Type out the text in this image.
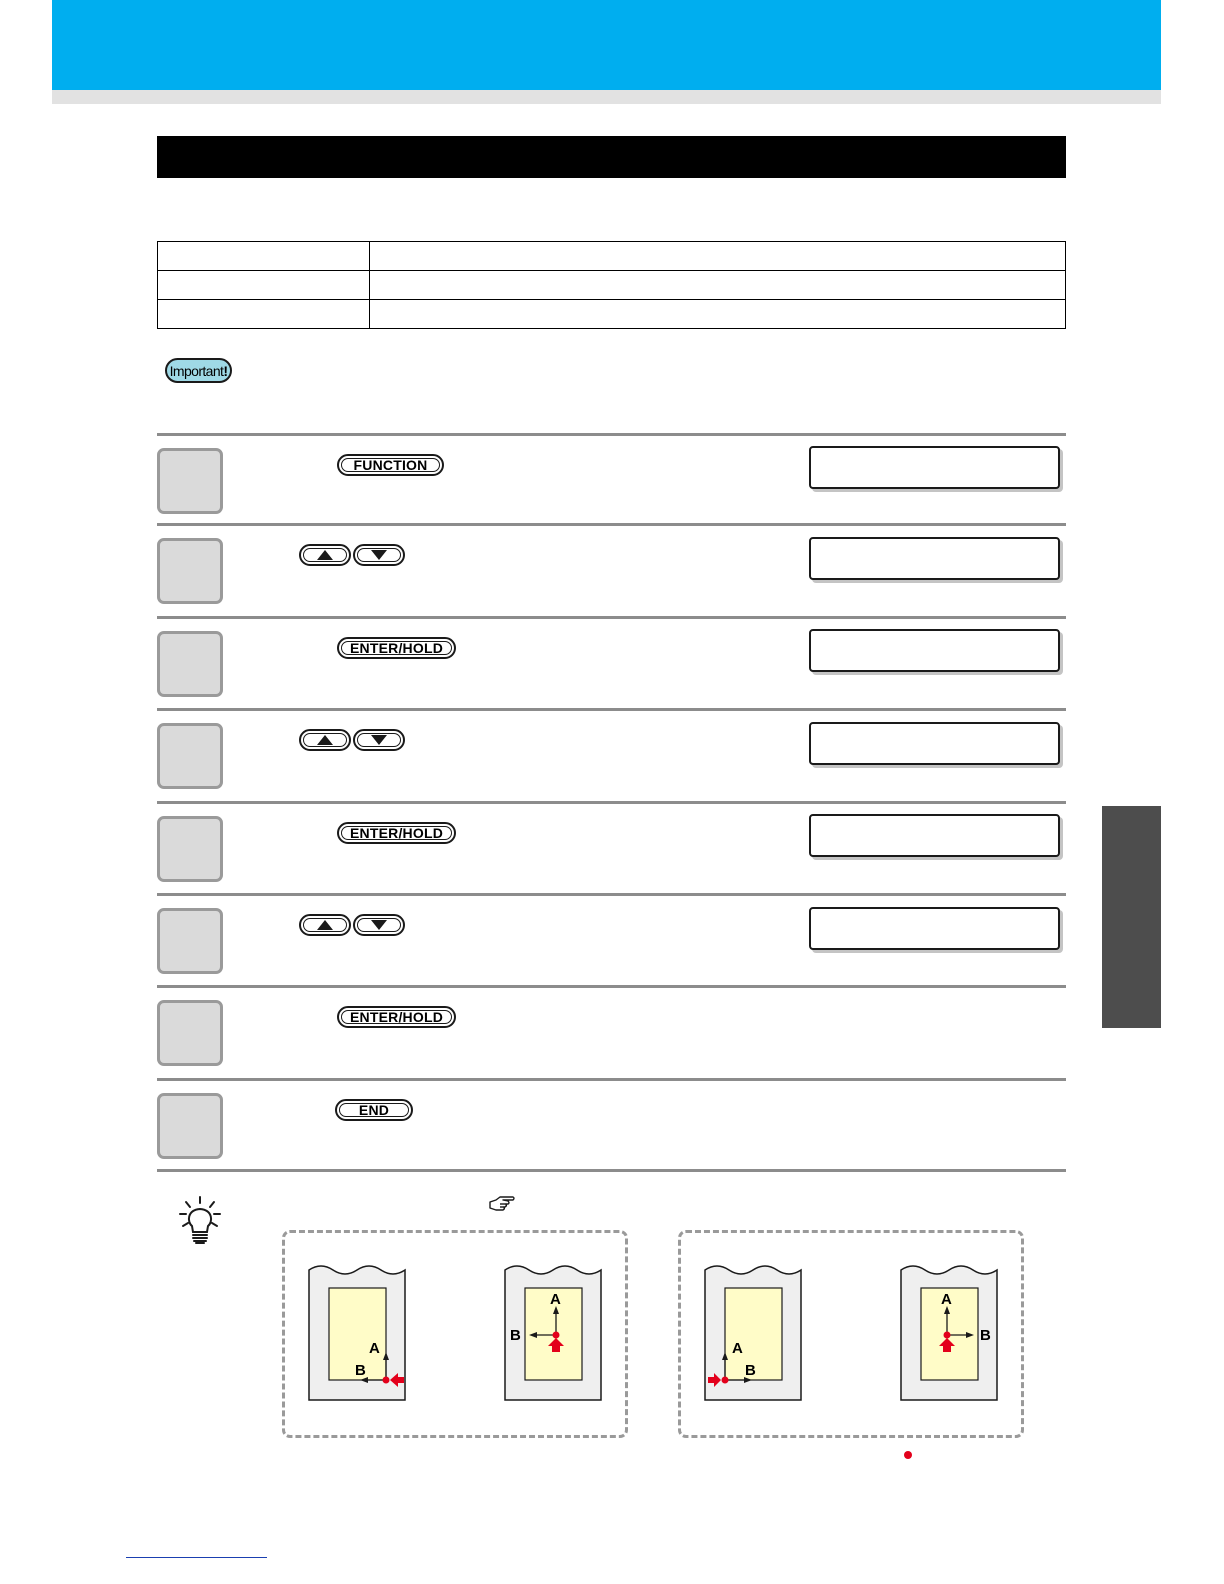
Important!
FUNCTION
ENTER/HOLD
ENTER/HOLD
ENTER/HOLD
END
A
B
A
B
A
B
A
B
